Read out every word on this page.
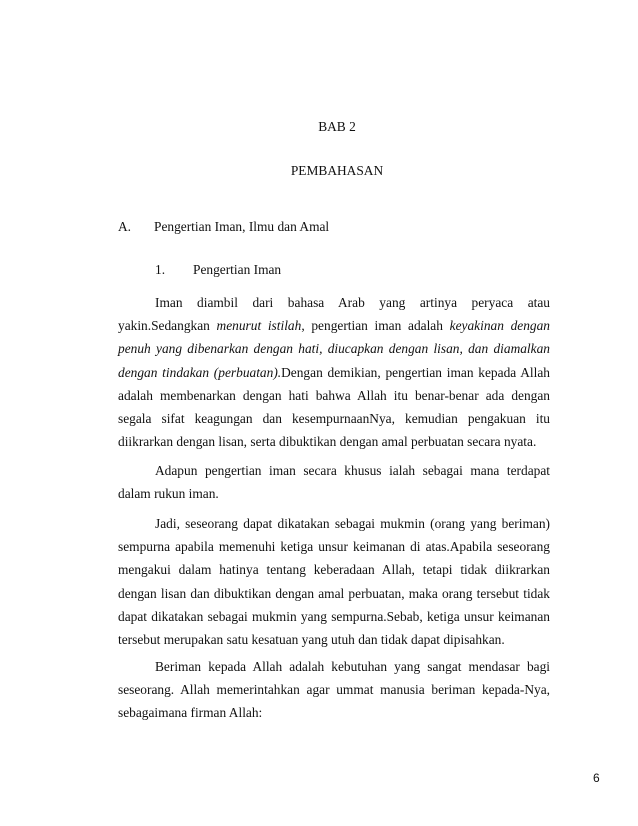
BAB 2
PEMBAHASAN
A. Pengertian Iman, Ilmu dan Amal
1. Pengertian Iman

Iman diambil dari bahasa Arab yang artinya peryaca atau yakin.Sedangkan menurut istilah, pengertian iman adalah keyakinan dengan penuh yang dibenarkan dengan hati, diucapkan dengan lisan, dan diamalkan dengan tindakan (perbuatan).Dengan demikian, pengertian iman kepada Allah adalah membenarkan dengan hati bahwa Allah itu benar-benar ada dengan segala sifat keagungan dan kesempurnaanNya, kemudian pengakuan itu diikrarkan dengan lisan, serta dibuktikan dengan amal perbuatan secara nyata.

Adapun pengertian iman secara khusus ialah sebagai mana terdapat dalam rukun iman.

Jadi, seseorang dapat dikatakan sebagai mukmin (orang yang beriman) sempurna apabila memenuhi ketiga unsur keimanan di atas.Apabila seseorang mengakui dalam hatinya tentang keberadaan Allah, tetapi tidak diikrarkan dengan lisan dan dibuktikan dengan amal perbuatan, maka orang tersebut tidak dapat dikatakan sebagai mukmin yang sempurna.Sebab, ketiga unsur keimanan tersebut merupakan satu kesatuan yang utuh dan tidak dapat dipisahkan.

Beriman kepada Allah adalah kebutuhan yang sangat mendasar bagi seseorang. Allah memerintahkan agar ummat manusia beriman kepada-Nya, sebagaimana firman Allah:

6
